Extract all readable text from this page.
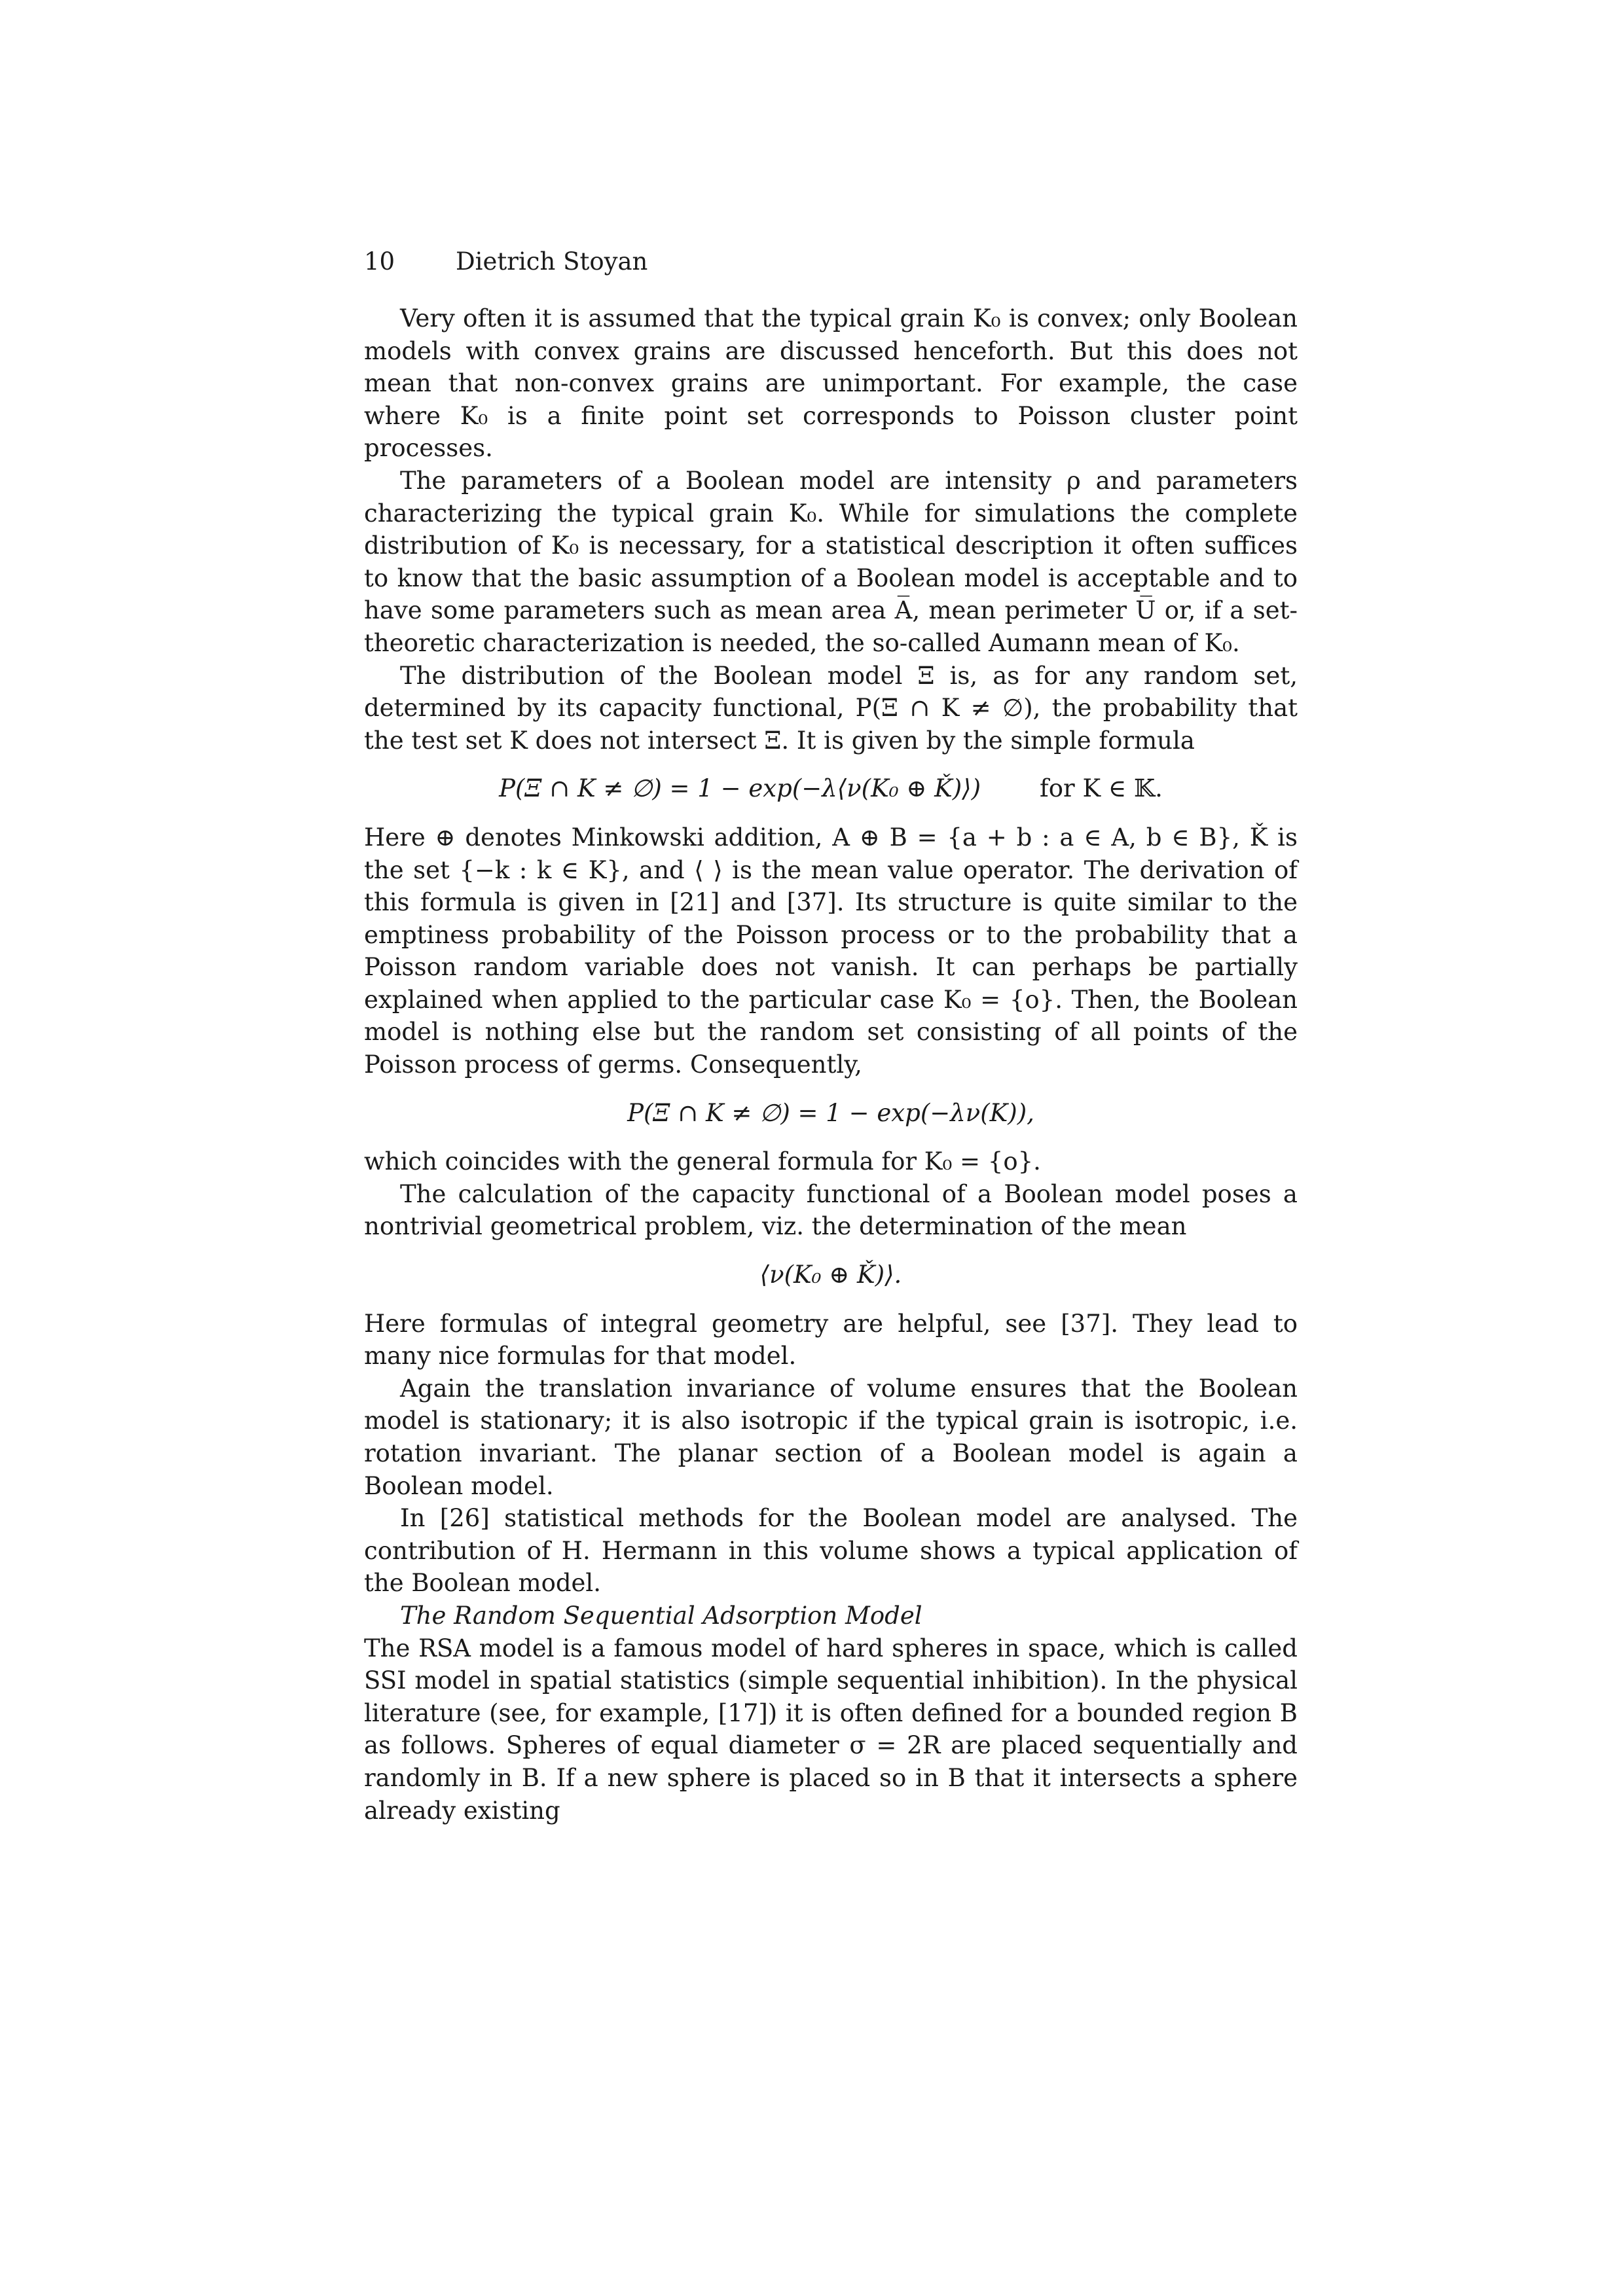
10	Dietrich Stoyan

Very often it is assumed that the typical grain K₀ is convex; only Boolean models with convex grains are discussed henceforth. But this does not mean that non-convex grains are unimportant. For example, the case where K₀ is a finite point set corresponds to Poisson cluster point processes.

The parameters of a Boolean model are intensity ρ and parameters characterizing the typical grain K₀. While for simulations the complete distribution of K₀ is necessary, for a statistical description it often suffices to know that the basic assumption of a Boolean model is acceptable and to have some parameters such as mean area A̅, mean perimeter U̅ or, if a set-theoretic characterization is needed, the so-called Aumann mean of K₀.

The distribution of the Boolean model Ξ is, as for any random set, determined by its capacity functional, P(Ξ ∩ K ≠ ∅), the probability that the test set K does not intersect Ξ. It is given by the simple formula

P(Ξ ∩ K ≠ ∅) = 1 − exp(−λ⟨ν(K₀ ⊕ Ǩ)⟩) for K ∈ 𝕂.

Here ⊕ denotes Minkowski addition, A ⊕ B = {a + b : a ∈ A, b ∈ B}, Ǩ is the set {−k : k ∈ K}, and ⟨ ⟩ is the mean value operator. The derivation of this formula is given in [21] and [37]. Its structure is quite similar to the emptiness probability of the Poisson process or to the probability that a Poisson random variable does not vanish. It can perhaps be partially explained when applied to the particular case K₀ = {o}. Then, the Boolean model is nothing else but the random set consisting of all points of the Poisson process of germs. Consequently,

P(Ξ ∩ K ≠ ∅) = 1 − exp(−λν(K)),

which coincides with the general formula for K₀ = {o}.

The calculation of the capacity functional of a Boolean model poses a nontrivial geometrical problem, viz. the determination of the mean

⟨ν(K₀ ⊕ Ǩ)⟩.

Here formulas of integral geometry are helpful, see [37]. They lead to many nice formulas for that model.

Again the translation invariance of volume ensures that the Boolean model is stationary; it is also isotropic if the typical grain is isotropic, i.e. rotation invariant. The planar section of a Boolean model is again a Boolean model.

In [26] statistical methods for the Boolean model are analysed. The contribution of H. Hermann in this volume shows a typical application of the Boolean model.

The Random Sequential Adsorption Model

The RSA model is a famous model of hard spheres in space, which is called SSI model in spatial statistics (simple sequential inhibition). In the physical literature (see, for example, [17]) it is often defined for a bounded region B as follows. Spheres of equal diameter σ = 2R are placed sequentially and randomly in B. If a new sphere is placed so in B that it intersects a sphere already existing
